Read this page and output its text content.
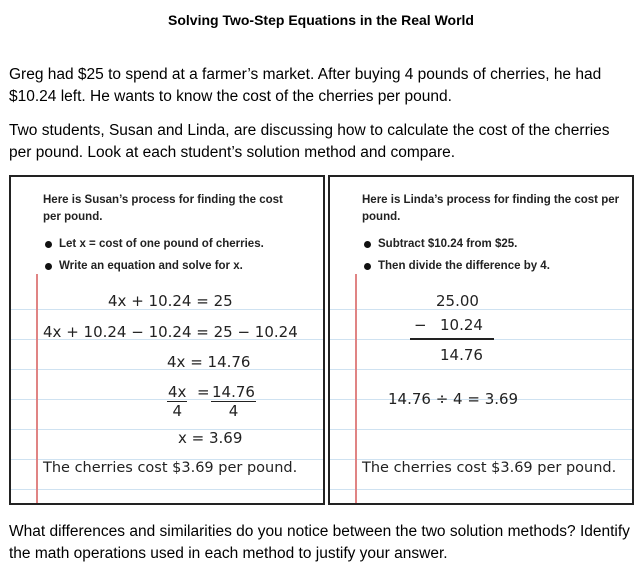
Solving Two-Step Equations in the Real World
Greg had $25 to spend at a farmer’s market. After buying 4 pounds of cherries, he had $10.24 left. He wants to know the cost of the cherries per pound.
Two students, Susan and Linda, are discussing how to calculate the cost of the cherries per pound. Look at each student’s solution method and compare.
Here is Susan’s process for finding the cost per pound.
Let x = cost of one pound of cherries.
Write an equation and solve for x.
4x + 10.24 = 25
4x + 10.24 − 10.24 = 25 − 10.24
4x = 14.76
$\frac{4x}{4} = \frac{14.76}{4}$
x = 3.69
The cherries cost $3.69 per pound.
Here is Linda’s process for finding the cost per pound.
Subtract $10.24 from $25.
Then divide the difference by 4.
25.00
− 10.24
14.76
14.76 ÷ 4 = 3.69
The cherries cost $3.69 per pound.
What differences and similarities do you notice between the two solution methods? Identify the math operations used in each method to justify your answer.
